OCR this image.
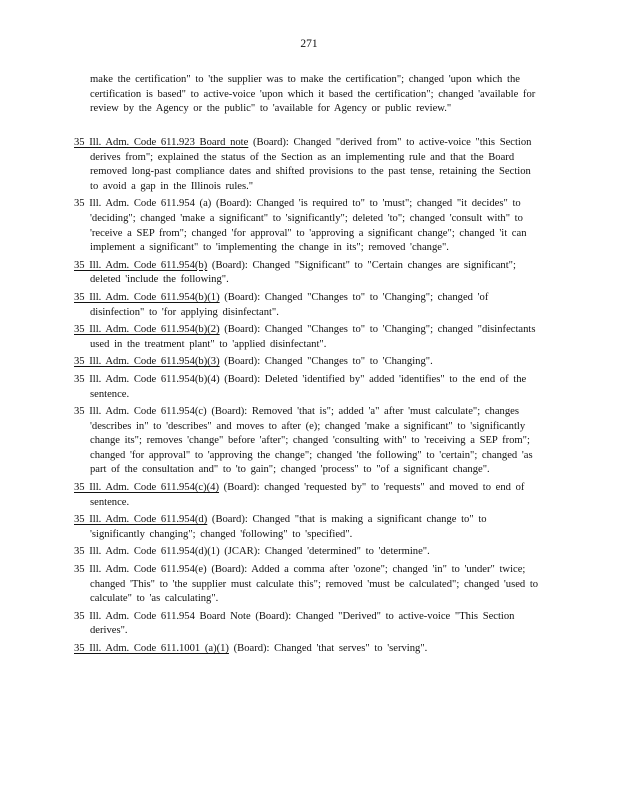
271

make the certification" to 'the supplier was to make the certification"; changed 'upon which the certification is based" to active-voice 'upon which it based the certification"; changed 'available for review by the Agency or the public" to 'available for Agency or public review."

35 Ill. Adm. Code 611.923 Board note (Board): Changed "derived from" to active-voice "this Section derives from"; explained the status of the Section as an implementing rule and that the Board removed long-past compliance dates and shifted provisions to the past tense, retaining the Section to avoid a gap in the Illinois rules."
35 Ill. Adm. Code 611.954 (a) (Board): Changed 'is required to" to 'must"; changed "it decides" to 'deciding"; changed 'make a significant" to 'significantly"; deleted 'to"; changed 'consult with" to 'receive a SEP from"; changed 'for approval" to 'approving a significant change"; changed 'it can implement a significant" to 'implementing the change in its"; removed 'change".
35 Ill. Adm. Code 611.954(b) (Board): Changed "Significant" to "Certain changes are significant"; deleted 'include the following".
35 Ill. Adm. Code 611.954(b)(1) (Board): Changed "Changes to" to 'Changing"; changed 'of disinfection" to 'for applying disinfectant".
35 Ill. Adm. Code 611.954(b)(2) (Board): Changed "Changes to" to 'Changing"; changed "disinfectants used in the treatment plant" to 'applied disinfectant".
35 Ill. Adm. Code 611.954(b)(3) (Board): Changed "Changes to" to 'Changing".
35 Ill. Adm. Code 611.954(b)(4) (Board): Deleted 'identified by" added 'identifies" to the end of the sentence.
35 Ill. Adm. Code 611.954(c) (Board): Removed 'that is"; added 'a" after 'must calculate"; changes 'describes in" to 'describes" and moves to after (e); changed 'make a significant" to 'significantly change its"; removes 'change" before 'after"; changed 'consulting with" to 'receiving a SEP from"; changed 'for approval" to 'approving the change"; changed 'the following" to 'certain"; changed 'as part of the consultation and" to 'to gain"; changed 'process" to "of a significant change".
35 Ill. Adm. Code 611.954(c)(4) (Board): changed 'requested by" to 'requests" and moved to end of sentence.
35 Ill. Adm. Code 611.954(d) (Board): Changed "that is making a significant change to" to 'significantly changing"; changed 'following" to 'specified".
35 Ill. Adm. Code 611.954(d)(1) (JCAR): Changed 'determined" to 'determine".
35 Ill. Adm. Code 611.954(e) (Board): Added a comma after 'ozone"; changed 'in" to 'under" twice; changed 'This" to 'the supplier must calculate this"; removed 'must be calculated"; changed 'used to calculate" to 'as calculating".
35 Ill. Adm. Code 611.954 Board Note (Board): Changed "Derived" to active-voice "This Section derives".
35 Ill. Adm. Code 611.1001 (a)(1) (Board): Changed 'that serves" to 'serving".
